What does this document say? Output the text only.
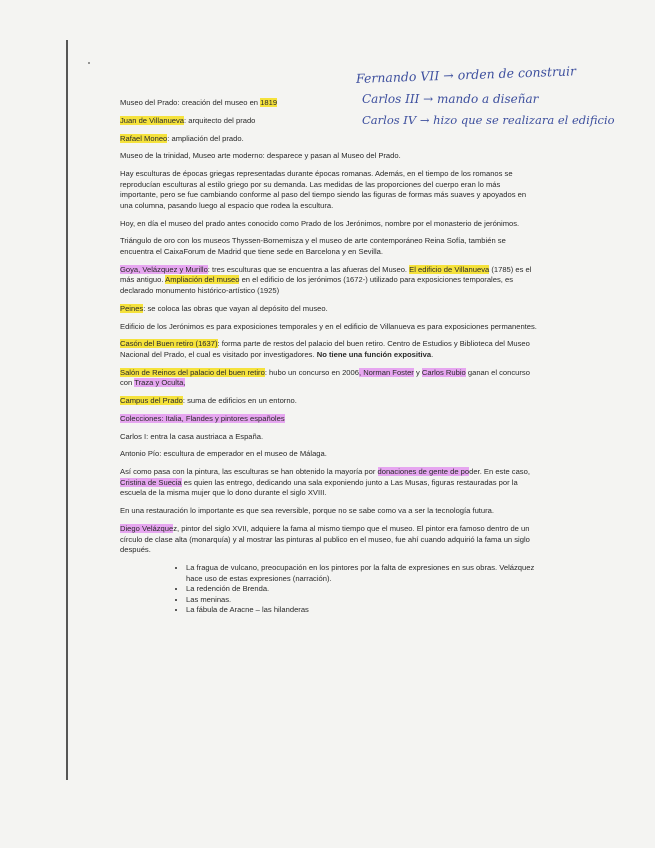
Fernando VII → orden de construir
Carlos III → mando a diseñar
Carlos IV → hizo que se realizara el edificio

Museo del Prado: creación del museo en 1819

Juan de Villanueva: arquitecto del prado

Rafael Moneo: ampliación del prado.

Museo de la trinidad, Museo arte moderno: desparece y pasan al Museo del Prado.

Hay esculturas de épocas griegas representadas durante épocas romanas. Además, en el tiempo de los romanos se reproducían esculturas al estilo griego por su demanda. Las medidas de las proporciones del cuerpo eran lo más importante, pero se fue cambiando conforme al paso del tiempo siendo las figuras de formas más suaves y apoyados en una columna, pasando luego al espacio que rodea la escultura.

Hoy, en día el museo del prado antes conocido como Prado de los Jerónimos, nombre por el monasterio de jerónimos.

Triángulo de oro con los museos Thyssen-Bornemisza y el museo de arte contemporáneo Reina Sofía, también se encuentra el CaixaForum de Madrid que tiene sede en Barcelona y en Sevilla.

Goya, Velázquez y Murillo: tres esculturas que se encuentra a las afueras del Museo. El edificio de Villanueva (1785) es el más antiguo. Ampliación del museo en el edificio de los jerónimos (1672-) utilizado para exposiciones temporales, es declarado monumento histórico-artístico (1925)

Peines: se coloca las obras que vayan al depósito del museo.

Edificio de los Jerónimos es para exposiciones temporales y en el edificio de Villanueva es para exposiciones permanentes.

Casón del Buen retiro (1637): forma parte de restos del palacio del buen retiro. Centro de Estudios y Biblioteca del Museo Nacional del Prado, el cual es visitado por investigadores. No tiene una función expositiva.

Salón de Reinos del palacio del buen retiro: hubo un concurso en 2006, Norman Foster y Carlos Rubio ganan el concurso con Traza y Oculta,

Campus del Prado: suma de edificios en un entorno.

Colecciones: Italia, Flandes y pintores españoles

Carlos I: entra la casa austriaca a España.

Antonio Pío: escultura de emperador en el museo de Málaga.

Así como pasa con la pintura, las esculturas se han obtenido la mayoría por donaciones de gente de poder. En este caso, Cristina de Suecia es quien las entrego, dedicando una sala exponiendo junto a Las Musas, figuras restauradas por la escuela de la misma mujer que lo dono durante el siglo XVIII.

En una restauración lo importante es que sea reversible, porque no se sabe como va a ser la tecnología futura.

Diego Velázquez, pintor del siglo XVII, adquiere la fama al mismo tiempo que el museo. El pintor era famoso dentro de un círculo de clase alta (monarquía) y al mostrar las pinturas al publico en el museo, fue ahí cuando adquirió la fama un siglo después.

• La fragua de vulcano, preocupación en los pintores por la falta de expresiones en sus obras. Velázquez hace uso de estas expresiones (narración).
• La redención de Brenda.
• Las meninas.
• La fábula de Aracne – las hilanderas
